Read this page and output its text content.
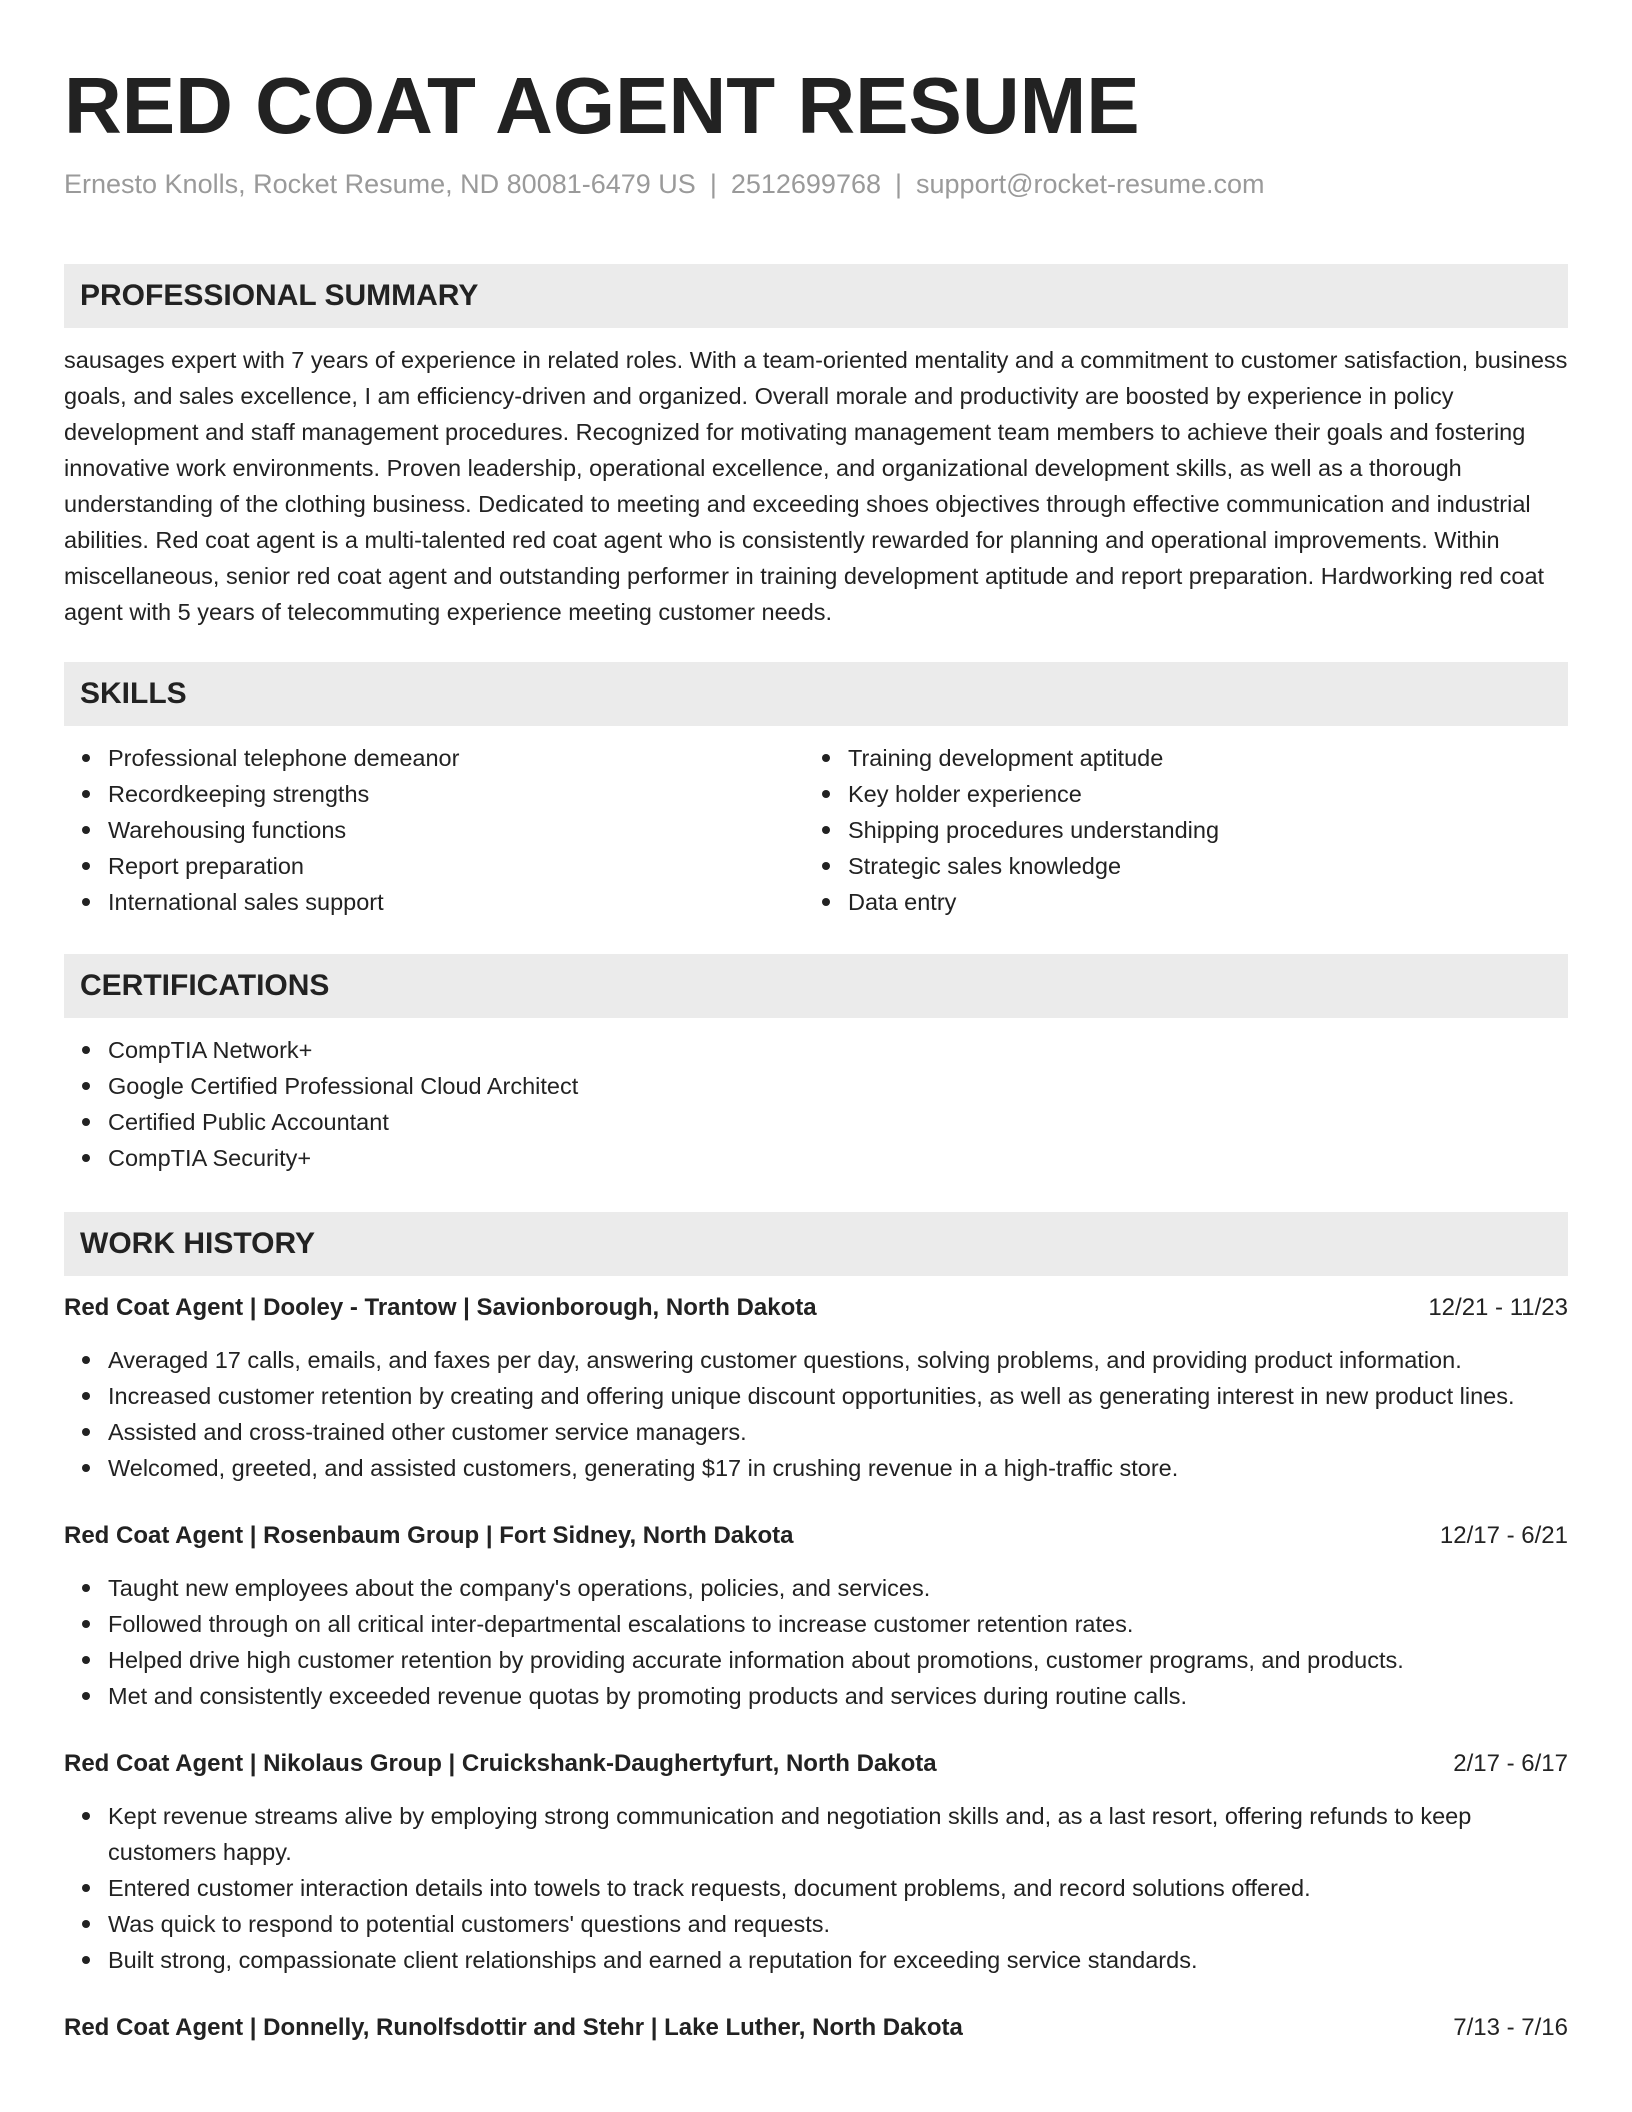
RED COAT AGENT RESUME
Ernesto Knolls, Rocket Resume, ND 80081-6479 US | 2512699768 | support@rocket-resume.com
PROFESSIONAL SUMMARY

sausages expert with 7 years of experience in related roles. With a team-oriented mentality and a commitment to customer satisfaction, business goals, and sales excellence, I am efficiency-driven and organized. Overall morale and productivity are boosted by experience in policy development and staff management procedures. Recognized for motivating management team members to achieve their goals and fostering innovative work environments. Proven leadership, operational excellence, and organizational development skills, as well as a thorough understanding of the clothing business. Dedicated to meeting and exceeding shoes objectives through effective communication and industrial abilities. Red coat agent is a multi-talented red coat agent who is consistently rewarded for planning and operational improvements. Within miscellaneous, senior red coat agent and outstanding performer in training development aptitude and report preparation. Hardworking red coat agent with 5 years of telecommuting experience meeting customer needs.

SKILLS
Professional telephone demeanor
Recordkeeping strengths
Warehousing functions
Report preparation
International sales support
Training development aptitude
Key holder experience
Shipping procedures understanding
Strategic sales knowledge
Data entry
CERTIFICATIONS
CompTIA Network+
Google Certified Professional Cloud Architect
Certified Public Accountant
CompTIA Security+
WORK HISTORY
Red Coat Agent | Dooley - Trantow | Savionborough, North Dakota	12/21 - 11/23
Averaged 17 calls, emails, and faxes per day, answering customer questions, solving problems, and providing product information.
Increased customer retention by creating and offering unique discount opportunities, as well as generating interest in new product lines.
Assisted and cross-trained other customer service managers.
Welcomed, greeted, and assisted customers, generating $17 in crushing revenue in a high-traffic store.
Red Coat Agent | Rosenbaum Group | Fort Sidney, North Dakota	12/17 - 6/21
Taught new employees about the company's operations, policies, and services.
Followed through on all critical inter-departmental escalations to increase customer retention rates.
Helped drive high customer retention by providing accurate information about promotions, customer programs, and products.
Met and consistently exceeded revenue quotas by promoting products and services during routine calls.
Red Coat Agent | Nikolaus Group | Cruickshank-Daughertyfurt, North Dakota	2/17 - 6/17
Kept revenue streams alive by employing strong communication and negotiation skills and, as a last resort, offering refunds to keep customers happy.
Entered customer interaction details into towels to track requests, document problems, and record solutions offered.
Was quick to respond to potential customers' questions and requests.
Built strong, compassionate client relationships and earned a reputation for exceeding service standards.
Red Coat Agent | Donnelly, Runolfsdottir and Stehr | Lake Luther, North Dakota	7/13 - 7/16
